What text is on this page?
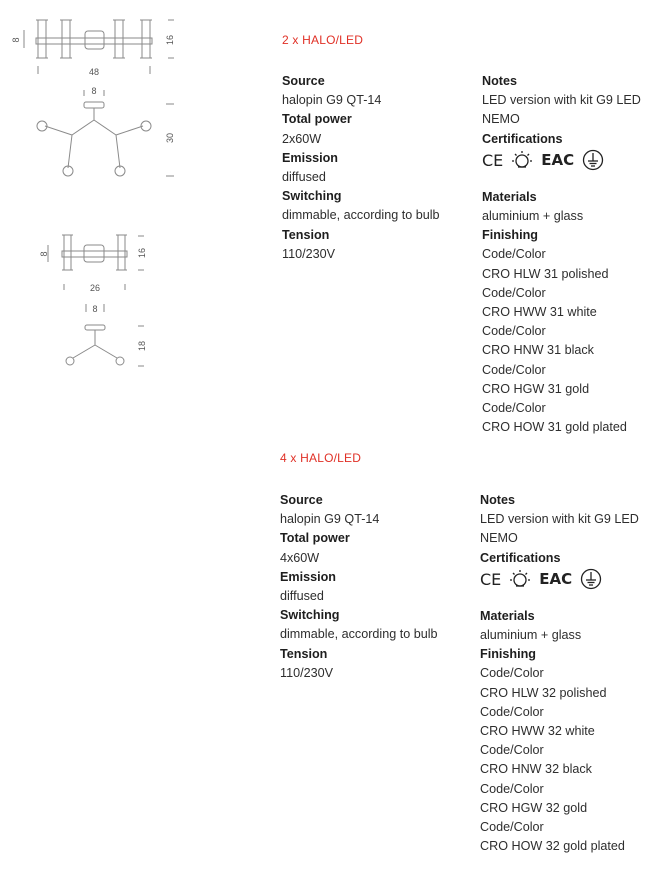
8	16
48
8
30
8	16
26
8
18
2 x HALO/LED
Source
halopin G9 QT-14
Total power
2x60W
Emission
diffused
Switching
dimmable, according to bulb
Tension
110/230V
Notes
LED version with kit G9 LED
NEMO
Certifications
CE	EAC
Materials
aluminium + glass
Finishing
Code/Color
CRO HLW 31 polished
Code/Color
CRO HWW 31 white
Code/Color
CRO HNW 31 black
Code/Color
CRO HGW 31 gold
Code/Color
CRO HOW 31 gold plated
4 x HALO/LED
Source
halopin G9 QT-14
Total power
4x60W
Emission
diffused
Switching
dimmable, according to bulb
Tension
110/230V
Notes
LED version with kit G9 LED
NEMO
Certifications
CE	EAC
Materials
aluminium + glass
Finishing
Code/Color
CRO HLW 32 polished
Code/Color
CRO HWW 32 white
Code/Color
CRO HNW 32 black
Code/Color
CRO HGW 32 gold
Code/Color
CRO HOW 32 gold plated
